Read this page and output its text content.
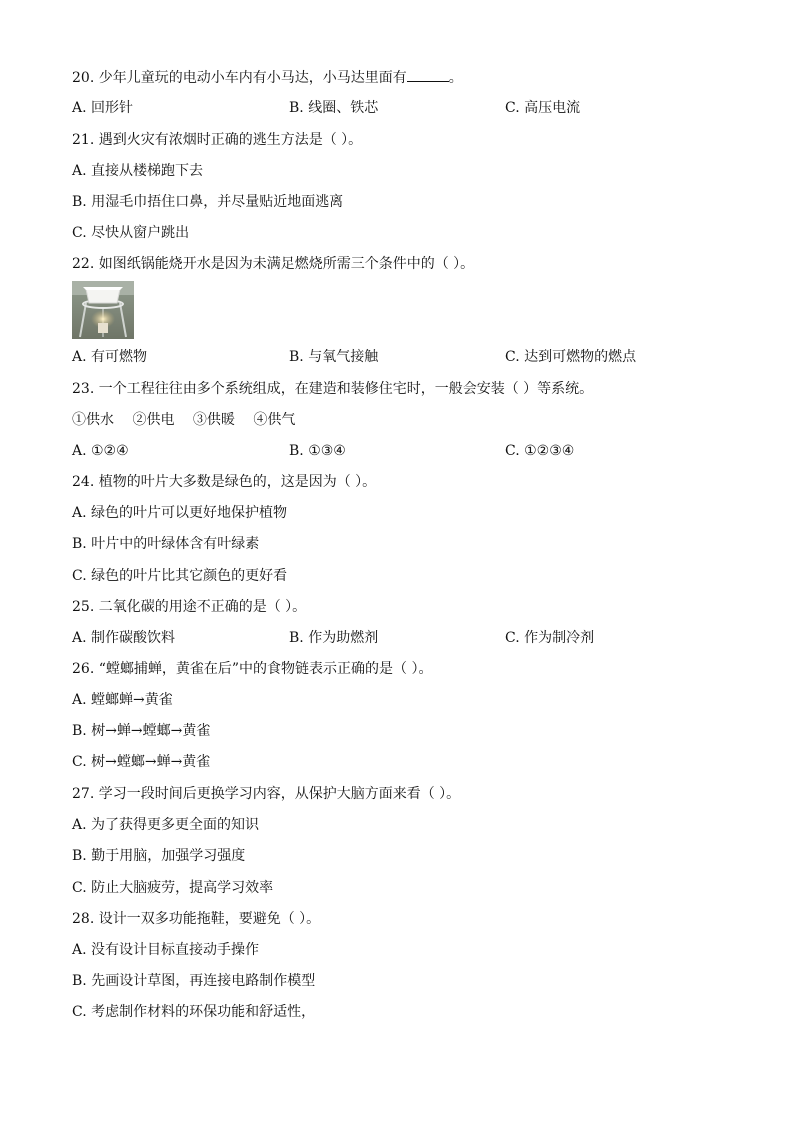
20. 少年儿童玩的电动小车内有小马达，小马达里面有	。
A. 回形针	B. 线圈、铁芯	C. 高压电流
21. 遇到火灾有浓烟时正确的逃生方法是（ ）。
A. 直接从楼梯跑下去
B. 用湿毛巾捂住口鼻，并尽量贴近地面逃离
C. 尽快从窗户跳出
22. 如图纸锅能烧开水是因为未满足燃烧所需三个条件中的（ ）。
A. 有可燃物	B. 与氧气接触	C. 达到可燃物的燃点
23. 一个工程往往由多个系统组成，在建造和装修住宅时，一般会安装（ ）等系统。
①供水 ②供电 ③供暖 ④供气
A. ①②④	B. ①③④	C. ①②③④
24. 植物的叶片大多数是绿色的，这是因为（ ）。
A. 绿色的叶片可以更好地保护植物
B. 叶片中的叶绿体含有叶绿素
C. 绿色的叶片比其它颜色的更好看
25. 二氧化碳的用途不正确的是（ ）。
A. 制作碳酸饮料	B. 作为助燃剂	C. 作为制冷剂
26. “螳螂捕蝉，黄雀在后”中的食物链表示正确的是（ ）。
A. 螳螂蝉→黄雀
B. 树→蝉→螳螂→黄雀
C. 树→螳螂→蝉→黄雀
27. 学习一段时间后更换学习内容，从保护大脑方面来看（ ）。
A. 为了获得更多更全面的知识
B. 勤于用脑，加强学习强度
C. 防止大脑疲劳，提高学习效率
28. 设计一双多功能拖鞋，要避免（ ）。
A. 没有设计目标直接动手操作
B. 先画设计草图，再连接电路制作模型
C. 考虑制作材料的环保功能和舒适性，
